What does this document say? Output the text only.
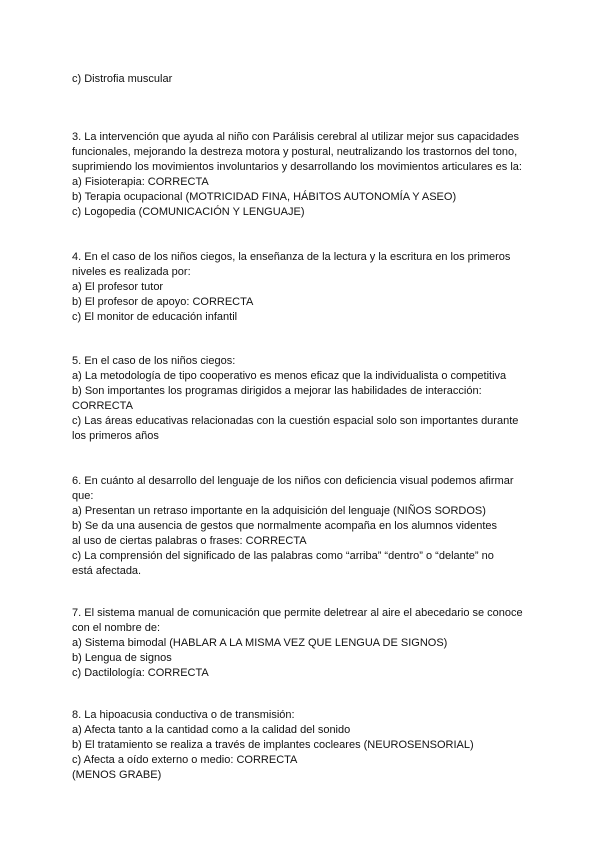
c) Distrofia muscular

3. La intervención que ayuda al niño con Parálisis cerebral al utilizar mejor sus capacidades

funcionales, mejorando la destreza motora y postural, neutralizando los trastornos del tono,

suprimiendo los movimientos involuntarios y desarrollando los movimientos articulares es la:

a) Fisioterapia: CORRECTA

b) Terapia ocupacional (MOTRICIDAD FINA, HÁBITOS AUTONOMÍA Y ASEO)

c) Logopedia (COMUNICACIÓN Y LENGUAJE)

4. En el caso de los niños ciegos, la enseñanza de la lectura y la escritura en los primeros

niveles es realizada por:

a) El profesor tutor

b) El profesor de apoyo: CORRECTA

c) El monitor de educación infantil

5. En el caso de los niños ciegos:

a) La metodología de tipo cooperativo es menos eficaz que la individualista o competitiva

b) Son importantes los programas dirigidos a mejorar las habilidades de interacción:

CORRECTA

c) Las áreas educativas relacionadas con la cuestión espacial solo son importantes durante

los primeros años

6. En cuánto al desarrollo del lenguaje de los niños con deficiencia visual podemos afirmar

que:

a) Presentan un retraso importante en la adquisición del lenguaje (NIÑOS SORDOS)

b) Se da una ausencia de gestos que normalmente acompaña en los alumnos videntes

al uso de ciertas palabras o frases: CORRECTA

c) La comprensión del significado de las palabras como “arriba” “dentro” o “delante” no

está afectada.

7. El sistema manual de comunicación que permite deletrear al aire el abecedario se conoce

con el nombre de:

a) Sistema bimodal (HABLAR A LA MISMA VEZ QUE LENGUA DE SIGNOS)

b) Lengua de signos

c) Dactilología: CORRECTA

8. La hipoacusia conductiva o de transmisión:

a) Afecta tanto a la cantidad como a la calidad del sonido

b) El tratamiento se realiza a través de implantes cocleares (NEUROSENSORIAL)

c) Afecta a oído externo o medio: CORRECTA

(MENOS GRABE)
